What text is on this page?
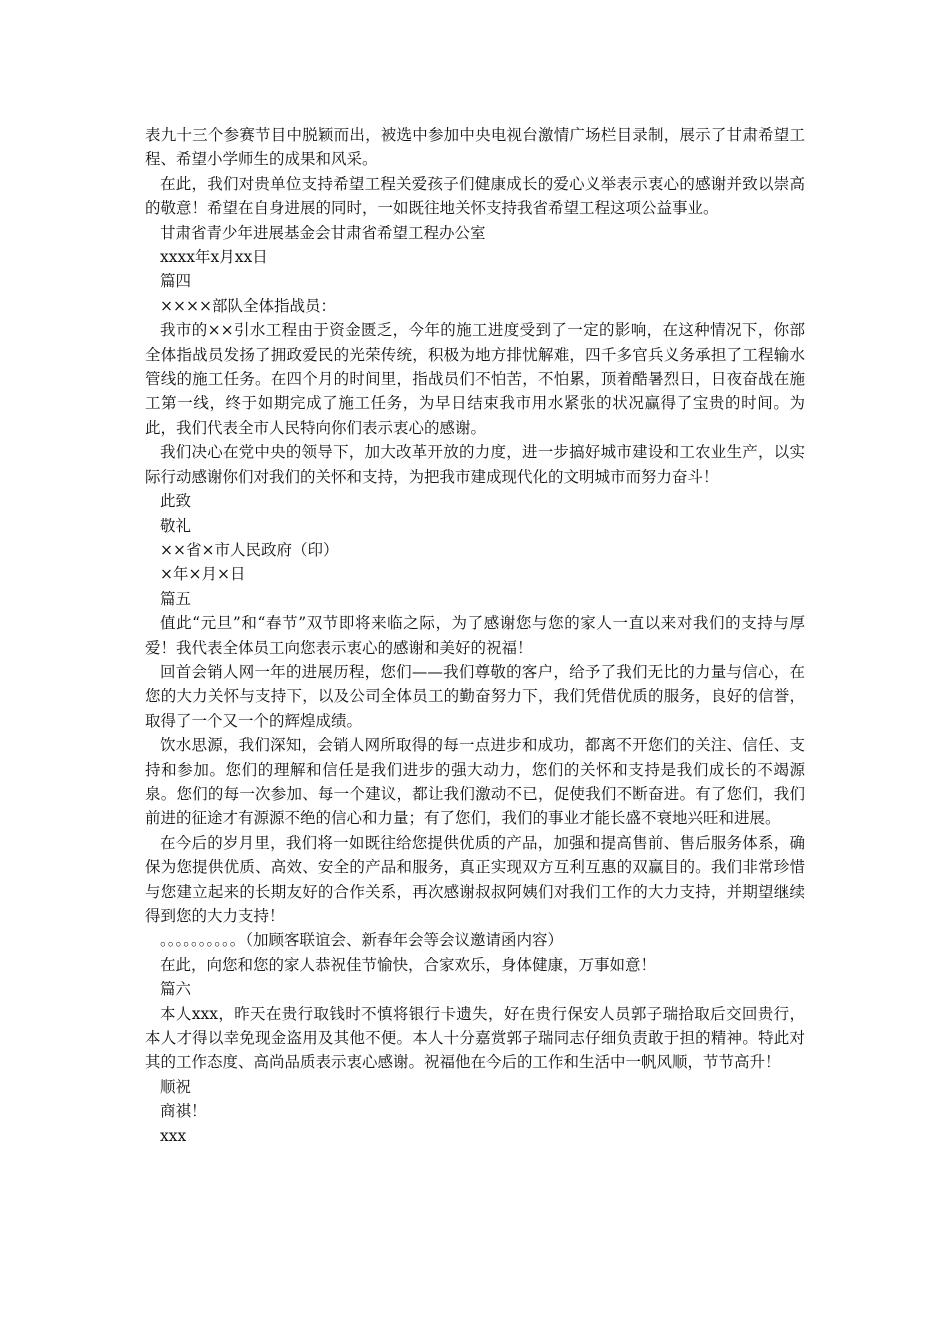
表九十三个参赛节目中脱颖而出，被选中参加中央电视台激情广场栏目录制，展示了甘肃希望工程、希望小学师生的成果和风采。

在此，我们对贵单位支持希望工程关爱孩子们健康成长的爱心义举表示衷心的感谢并致以崇高的敬意！希望在自身进展的同时，一如既往地关怀支持我省希望工程这项公益事业。

甘肃省青少年进展基金会甘肃省希望工程办公室

xxxx年x月xx日

篇四

××××部队全体指战员：

我市的××引水工程由于资金匮乏，今年的施工进度受到了一定的影响，在这种情况下，你部全体指战员发扬了拥政爱民的光荣传统，积极为地方排忧解难，四千多官兵义务承担了工程输水管线的施工任务。在四个月的时间里，指战员们不怕苦，不怕累，顶着酷暑烈日，日夜奋战在施工第一线，终于如期完成了施工任务，为早日结束我市用水紧张的状况赢得了宝贵的时间。为此，我们代表全市人民特向你们表示衷心的感谢。

我们决心在党中央的领导下，加大改革开放的力度，进一步搞好城市建设和工农业生产，以实际行动感谢你们对我们的关怀和支持，为把我市建成现代化的文明城市而努力奋斗！

此致

敬礼

××省×市人民政府（印）

×年×月×日

篇五

值此“元旦”和“春节”双节即将来临之际，为了感谢您与您的家人一直以来对我们的支持与厚爱！我代表全体员工向您表示衷心的感谢和美好的祝福！

回首会销人网一年的进展历程，您们——我们尊敬的客户，给予了我们无比的力量与信心，在您的大力关怀与支持下，以及公司全体员工的勤奋努力下，我们凭借优质的服务，良好的信誉，取得了一个又一个的辉煌成绩。

饮水思源，我们深知，会销人网所取得的每一点进步和成功，都离不开您们的关注、信任、支持和参加。您们的理解和信任是我们进步的强大动力，您们的关怀和支持是我们成长的不竭源泉。您们的每一次参加、每一个建议，都让我们激动不已，促使我们不断奋进。有了您们，我们前进的征途才有源源不绝的信心和力量；有了您们，我们的事业才能长盛不衰地兴旺和进展。

在今后的岁月里，我们将一如既往给您提供优质的产品，加强和提高售前、售后服务体系，确保为您提供优质、高效、安全的产品和服务，真正实现双方互利互惠的双赢目的。我们非常珍惜与您建立起来的长期友好的合作关系，再次感谢叔叔阿姨们对我们工作的大力支持，并期望继续得到您的大力支持！

。。。。。。。。。。（加顾客联谊会、新春年会等会议邀请函内容）

在此，向您和您的家人恭祝佳节愉快，合家欢乐，身体健康，万事如意！

篇六

本人xxx，昨天在贵行取钱时不慎将银行卡遗失，好在贵行保安人员郭子瑞拾取后交回贵行，本人才得以幸免现金盗用及其他不便。本人十分嘉赏郭子瑞同志仔细负责敢于担的精神。特此对其的工作态度、高尚品质表示衷心感谢。祝福他在今后的工作和生活中一帆风顺，节节高升！

顺祝

商祺！

xxx
